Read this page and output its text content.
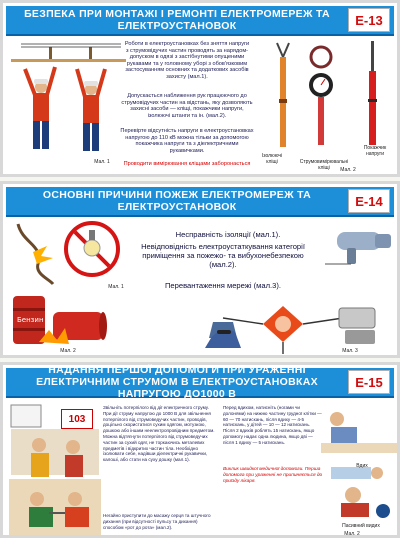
БЕЗПЕКА ПРИ МОНТАЖІ І РЕМОНТІ ЕЛЕКТРОМЕРЕЖ ТА ЕЛЕКТРОУСТАНОВОК	Е-13
Мал. 1
Роботи в електроустановках без зняття напруги з струмовідучих частин проводять за нарядом-допуском в одязі з застібнутими опущеними рукавами та у головному уборі з обов'язковим застосуванням основних та додаткових засобів захисту (мал.1).
Допускається наближення рук працюючого до струмовідучих частин на відстань, яку дозволяють захисні засоби — кліщі, покажчики напруги, ізолюючі штанги та ін. (мал.2).
Перевірте відсутність напруги в електроустановках напругою до 110 кВ можна тільки за допомогою покажчика напруги та з діелектричними рукавичками.
Проводити вимірювання кліщами заборонається
Ізолюючі кліщі	Струмовимірювальні кліщі
Покажчик напруги
Мал. 2
ОСНОВНІ ПРИЧИНИ ПОЖЕЖ ЕЛЕКТРОМЕРЕЖ ТА ЕЛЕКТРОУСТАНОВОК	Е-14
Мал. 1
Бензин
Мал. 2
Несправність ізоляції (мал.1).
Невідповідність електроустаткування категорії приміщення за пожежо- та вибухонебезпекою (мал.2).
Перевантаження мережі (мал.3).
Мал. 3
НАДАННЯ ПЕРШОЇ ДОПОМОГИ ПРИ УРАЖЕННІ ЕЛЕКТРИЧНИМ СТРУМОМ В ЕЛЕКТРОУСТАНОВКАХ НАПРУГОЮ ДО1000 В
Е-15
103
Звільніть потерпілого від дії електричного струму. При дії струму напругою до 1000 В для звільнення потерпілого від струмоведучих частин, проводів, доцільно скористатися сухим одягом, мотузкою, дошкою або іншим неелектропровідним предметом. Можна відтягнути потерпілого від струмоведучих частин за сухий одяг, не торкаючись металевих предметів і відкритих частин тіла. Необхідно ізолювати себе, надівши діелектричні рукавички, калоші, або стати на суху дошку (мал.1).
Негайно приступити до масажу серця та штучного дихання (при відсутності пульсу та дихання) способом «рот до рота» (мал.2).
Перед вдихом, натисніть (ногами чи долонями) на нижню частину грудної клітки — 60 — 70 натискань, після вдиху — 4-5 натискань, у дітей — 10 — 12 натискань. Після 2 вдихів роблять 15 натискань, якщо допомогу надає одна людина, якщо дві — після 1 вдиху — 5 натискань.
Виклик швидкої медичної допомоги. Перша допомога при ураженні не припиняється до приїзду лікаря.
Вдих
Пасивний видих
Мал. 2
